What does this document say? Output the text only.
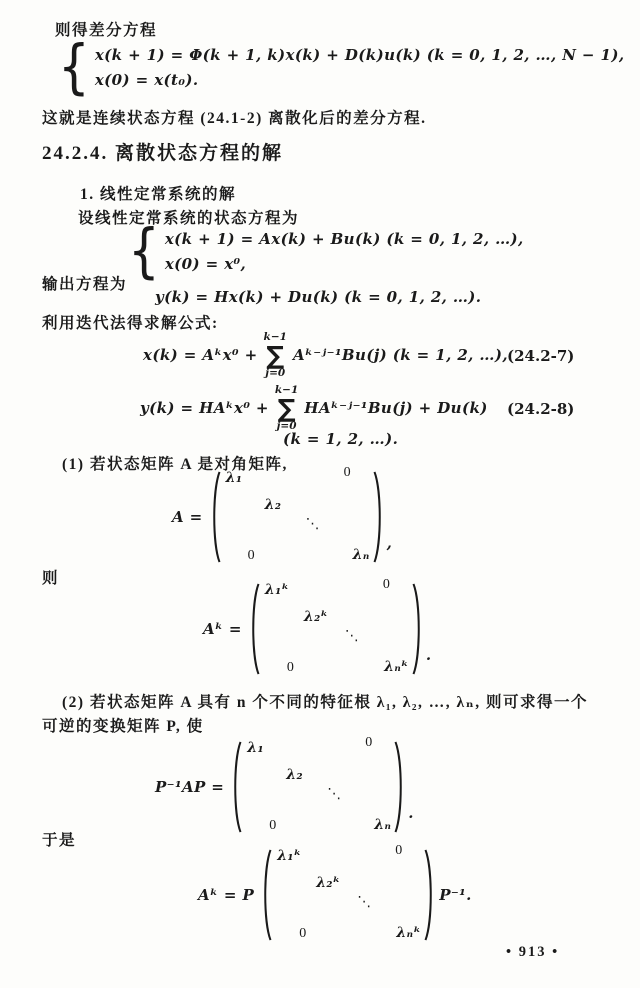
则得差分方程
{ x(k + 1) = Φ(k + 1, k)x(k) + D(k)u(k) (k = 0, 1, 2, …, N − 1),
x(0) = x(t₀).
这就是连续状态方程 (24.1-2) 离散化后的差分方程.
24.2.4. 离散状态方程的解
1. 线性定常系统的解
设线性定常系统的状态方程为
{ x(k + 1) = Ax(k) + Bu(k) (k = 0, 1, 2, …),
x(0) = x⁰,
输出方程为
y(k) = Hx(k) + Du(k) (k = 0, 1, 2, …).
利用迭代法得求解公式:
x(k) = Aᵏx⁰ +
k−1
∑
j=0
Aᵏ⁻ʲ⁻¹Bu(j) (k = 1, 2, …), (24.2-7)
y(k) = HAᵏx⁰ +
k−1
∑
j=0
HAᵏ⁻ʲ⁻¹Bu(j) + Du(k) (24.2-8)
(k = 1, 2, …).
(1) 若状态矩阵 A 是对角矩阵,
A =
λ₁
λ₂
⋱
λₙ
0
0
,
则
Aᵏ =
λ₁ᵏ
λ₂ᵏ
⋱
λₙᵏ
0
0
.
(2) 若状态矩阵 A 具有 n 个不同的特征根 λ₁, λ₂, …, λₙ, 则可求得一个
可逆的变换矩阵 P, 使
P⁻¹AP =
λ₁
λ₂
⋱
λₙ
0
0
.
于是
Aᵏ = P
λ₁ᵏ
λ₂ᵏ
⋱
λₙᵏ
0
0
P⁻¹.
• 913 •
